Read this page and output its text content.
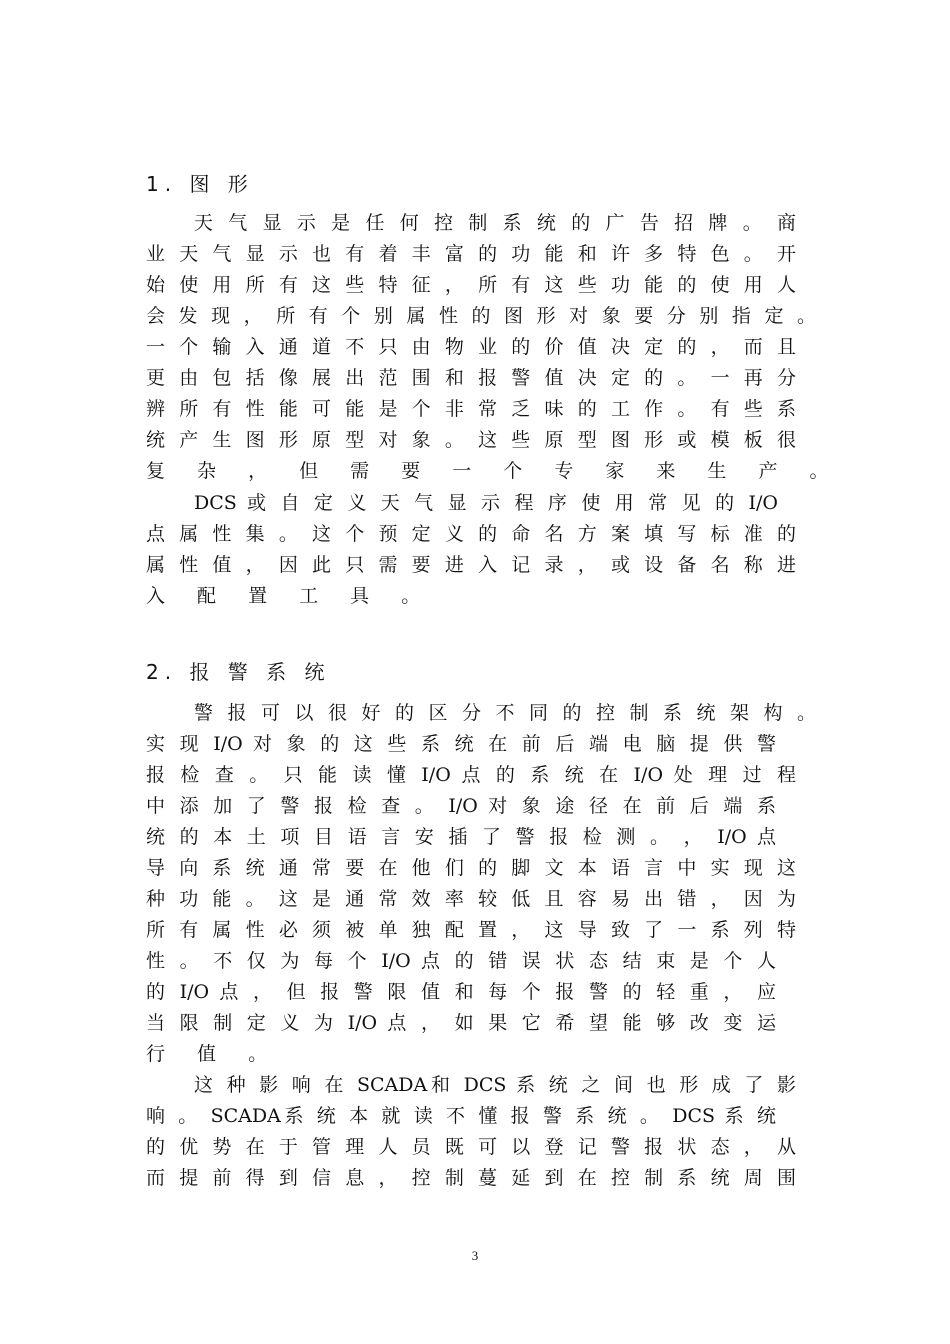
1. 图 形
天 气 显 示 是 任 何 控 制 系 统 的 广 告 招 牌 。 商
业 天 气 显 示 也 有 着 丰 富 的 功 能 和 许 多 特 色 。 开
始 使 用 所 有 这 些 特 征 ， 所 有 这 些 功 能 的 使 用 人
会 发 现 ， 所 有 个 别 属 性 的 图 形 对 象 要 分 别 指 定 。
一 个 输 入 通 道 不 只 由 物 业 的 价 值 决 定 的 ， 而 且
更 由 包 括 像 展 出 范 围 和 报 警 值 决 定 的 。 一 再 分
辨 所 有 性 能 可 能 是 个 非 常 乏 味 的 工 作 。 有 些 系
统 产 生 图 形 原 型 对 象 。 这 些 原 型 图 形 或 模 板 很
复 杂 ， 但 需 要 一 个 专 家 来 生 产 。
DCS 或 自 定 义 天 气 显 示 程 序 使 用 常 见 的 I/O
点 属 性 集 。 这 个 预 定 义 的 命 名 方 案 填 写 标 准 的
属 性 值 ， 因 此 只 需 要 进 入 记 录 ， 或 设 备 名 称 进
入 配 置 工 具 。
2. 报 警 系 统
警 报 可 以 很 好 的 区 分 不 同 的 控 制 系 统 架 构 。
实 现 I/O 对 象 的 这 些 系 统 在 前 后 端 电 脑 提 供 警
报 检 查 。 只 能 读 懂 I/O 点 的 系 统 在 I/O 处 理 过 程
中 添 加 了 警 报 检 查 。 I/O 对 象 途 径 在 前 后 端 系
统 的 本 土 项 目 语 言 安 插 了 警 报 检 测 。 ， I/O 点
导 向 系 统 通 常 要 在 他 们 的 脚 文 本 语 言 中 实 现 这
种 功 能 。 这 是 通 常 效 率 较 低 且 容 易 出 错 ， 因 为
所 有 属 性 必 须 被 单 独 配 置 ， 这 导 致 了 一 系 列 特
性 。 不 仅 为 每 个 I/O 点 的 错 误 状 态 结 束 是 个 人
的 I/O 点 ， 但 报 警 限 值 和 每 个 报 警 的 轻 重 ， 应
当 限 制 定 义 为 I/O 点 ， 如 果 它 希 望 能 够 改 变 运
行 值 。
这 种 影 响 在 SCADA和 DCS 系 统 之 间 也 形 成 了 影
响 。 SCADA系 统 本 就 读 不 懂 报 警 系 统 。 DCS 系 统
的 优 势 在 于 管 理 人 员 既 可 以 登 记 警 报 状 态 ， 从
而 提 前 得 到 信 息 ， 控 制 蔓 延 到 在 控 制 系 统 周 围
3
